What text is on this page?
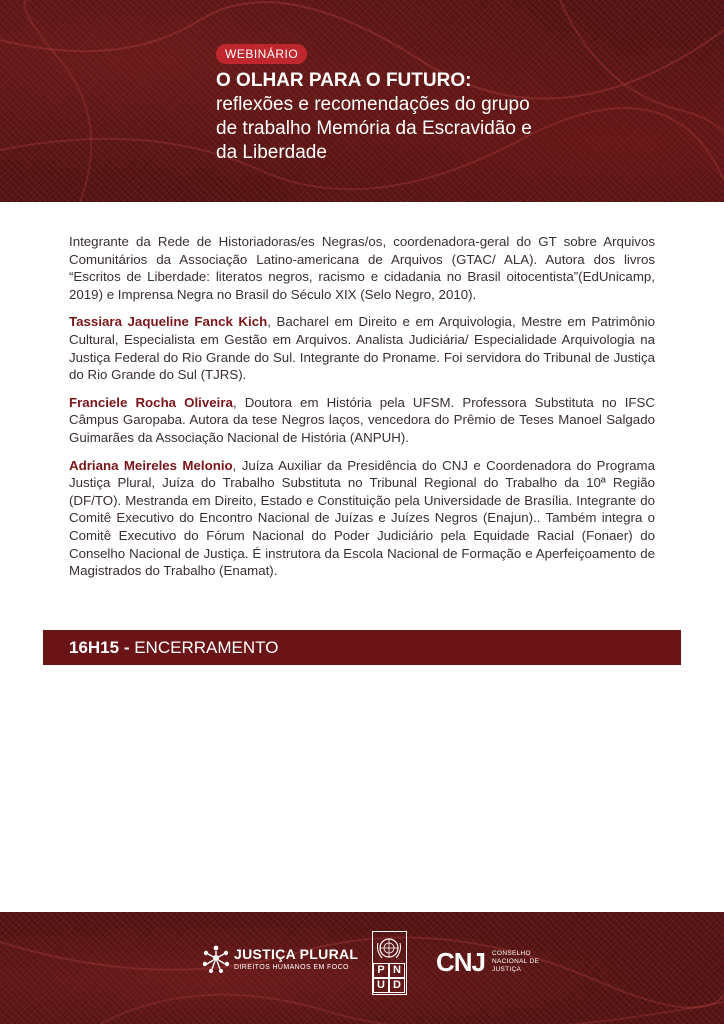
WEBINÁRIO
O OLHAR PARA O FUTURO:
reflexões e recomendações do grupo de trabalho Memória da Escravidão e da Liberdade

Integrante da Rede de Historiadoras/es Negras/os, coordenadora-geral do GT sobre Arquivos Comunitários da Associação Latino-americana de Arquivos (GTAC/ ALA). Autora dos livros “Escritos de Liberdade: literatos negros, racismo e cidadania no Brasil oitocentista”(EdUnicamp, 2019) e Imprensa Negra no Brasil do Século XIX (Selo Negro, 2010).

Tassiara Jaqueline Fanck Kich, Bacharel em Direito e em Arquivologia, Mestre em Patrimônio Cultural, Especialista em Gestão em Arquivos. Analista Judiciária/ Especialidade Arquivologia na Justiça Federal do Rio Grande do Sul. Integrante do Proname. Foi servidora do Tribunal de Justiça do Rio Grande do Sul (TJRS).

Franciele Rocha Oliveira, Doutora em História pela UFSM. Professora Substituta no IFSC Câmpus Garopaba. Autora da tese Negros laços, vencedora do Prêmio de Teses Manoel Salgado Guimarães da Associação Nacional de História (ANPUH).

Adriana Meireles Melonio, Juíza Auxiliar da Presidência do CNJ e Coordenadora do Programa Justiça Plural, Juíza do Trabalho Substituta no Tribunal Regional do Trabalho da 10ª Região (DF/TO). Mestranda em Direito, Estado e Constituição pela Universidade de Brasília. Integrante do Comitê Executivo do Encontro Nacional de Juízas e Juízes Negros (Enajun).. Também integra o Comitê Executivo do Fórum Nacional do Poder Judiciário pela Equidade Racial (Fonaer) do Conselho Nacional de Justiça. É instrutora da Escola Nacional de Formação e Aperfeiçoamento de Magistrados do Trabalho (Enamat).

16H15 - ENCERRAMENTO
JUSTIÇA PLURAL
DIREITOS HUMANOS EM FOCO	P N
U D
CNJ CONSELHO NACIONAL DE JUSTIÇA
